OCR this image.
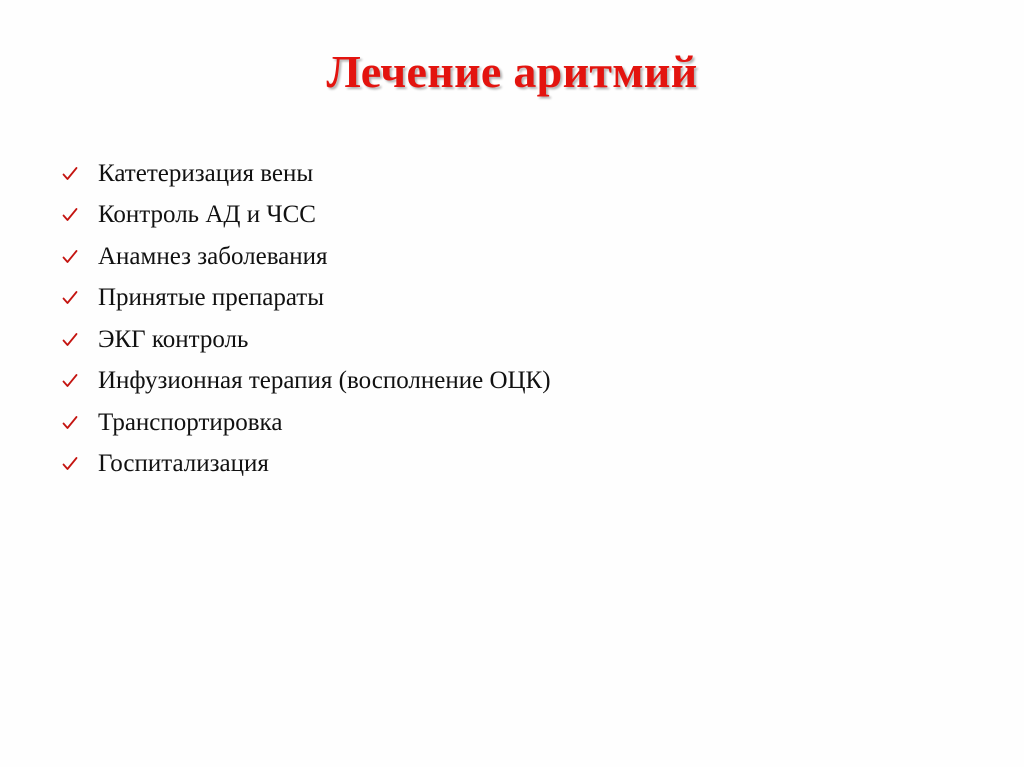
Лечение аритмий
Катетеризация вены
Контроль АД и ЧСС
Анамнез заболевания
Принятые препараты
ЭКГ контроль
Инфузионная терапия (восполнение ОЦК)
Транспортировка
Госпитализация
